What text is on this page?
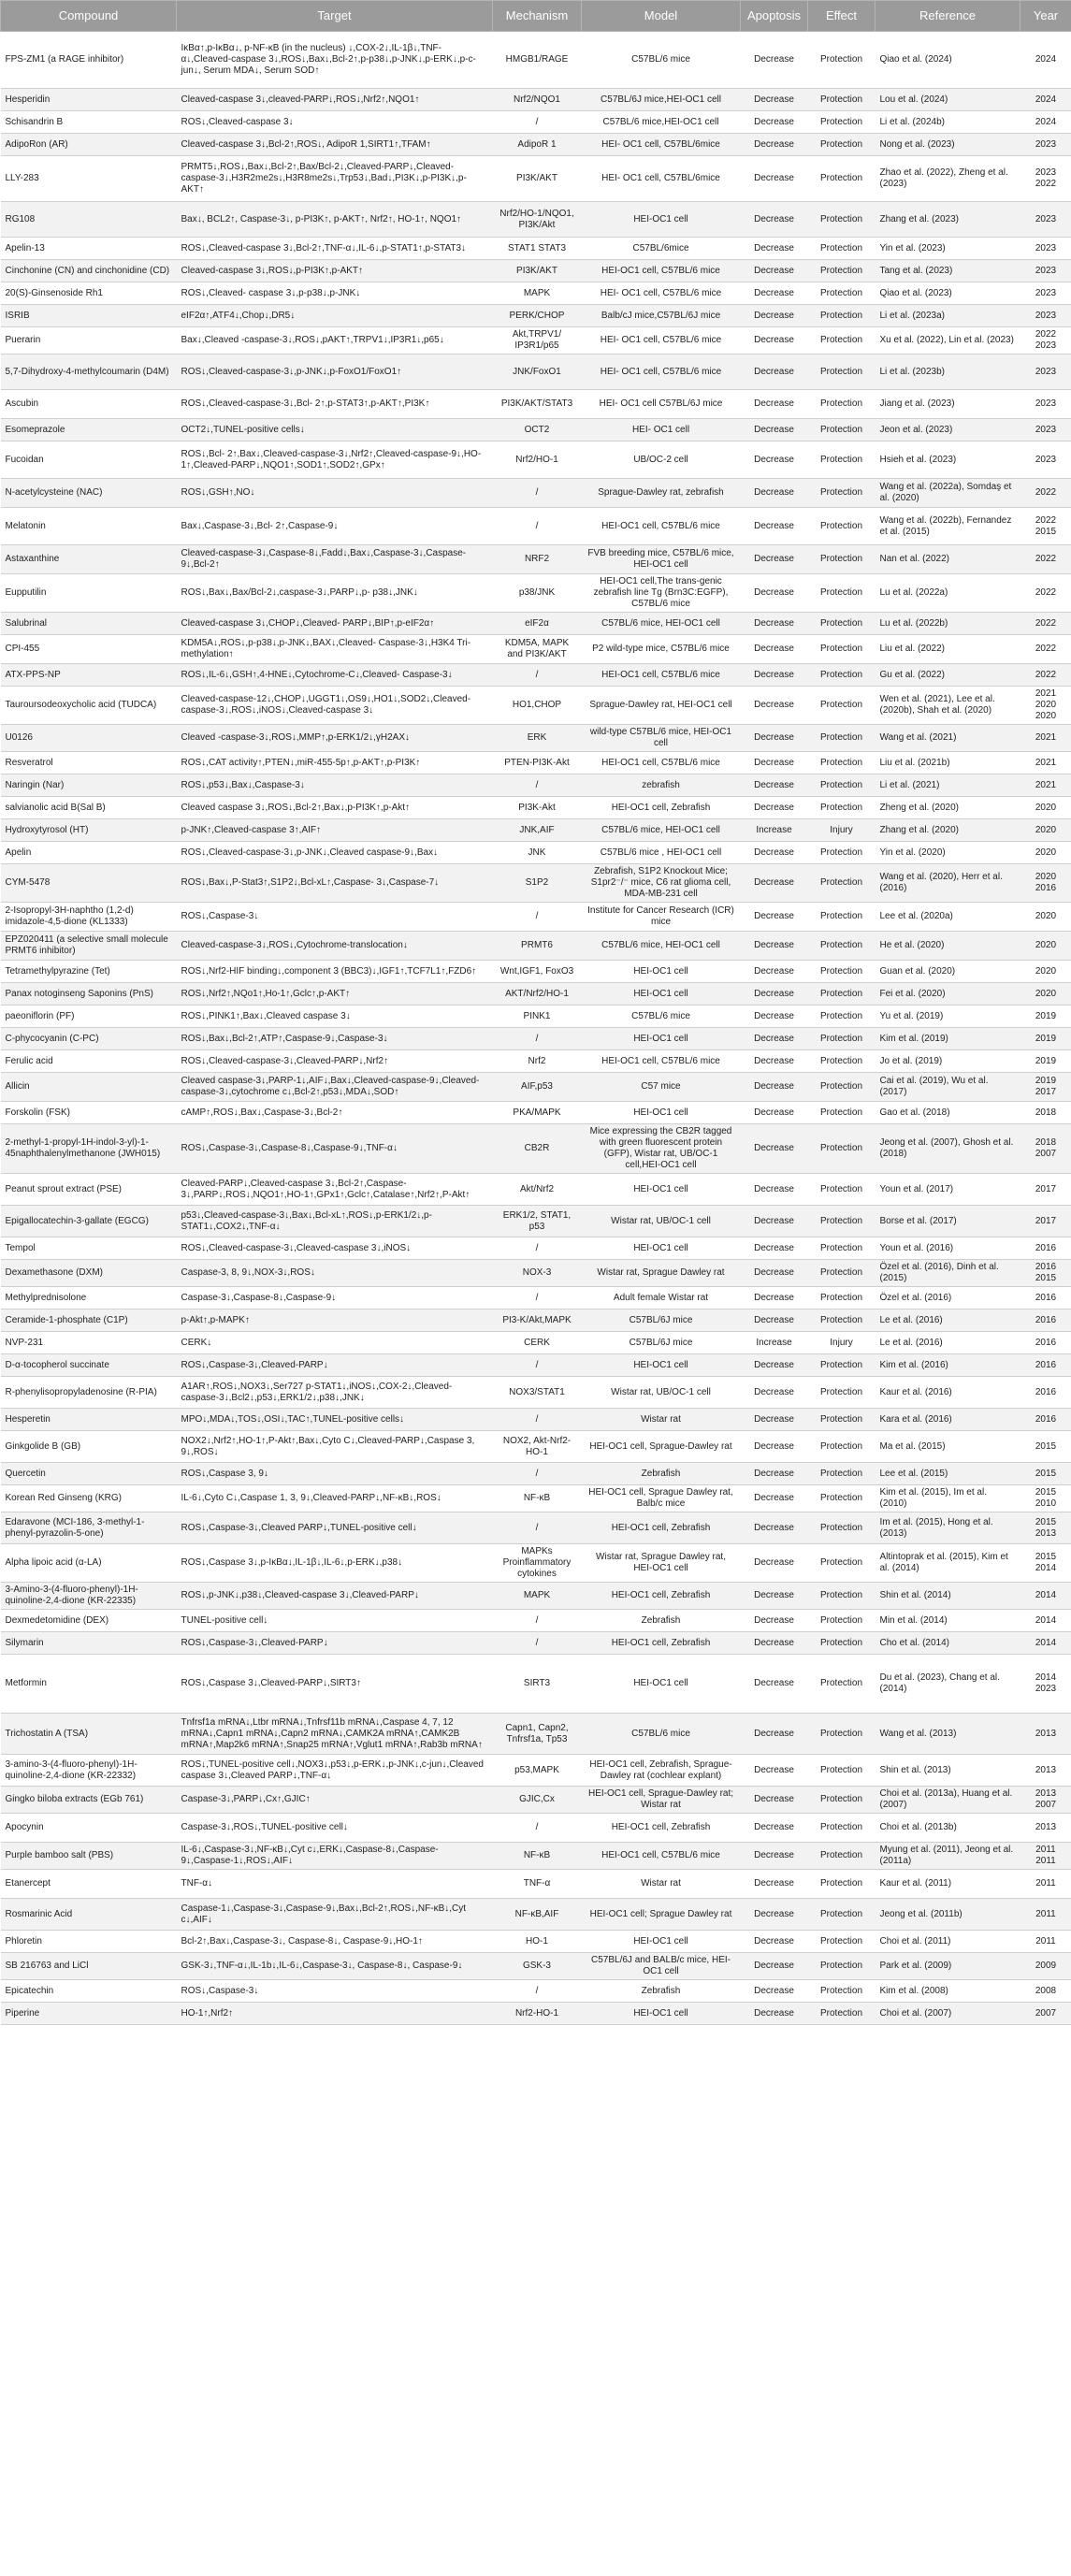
Compound	Target	Mechanism	Model	Apoptosis	Effect	Reference	Year
FPS-ZM1 (a RAGE inhibitor)	IκBα↑,p-IκBα↓, p-NF-κB (in the nucleus) ↓,COX-2↓,IL-1β↓,TNF-α↓,Cleaved-caspase 3↓,ROS↓,Bax↓,Bcl-2↑,p-p38↓,p-JNK↓,p-ERK↓,p-c-jun↓, Serum MDA↓, Serum SOD↑	HMGB1/RAGE	C57BL/6 mice	Decrease	Protection	Qiao et al. (2024)	2024
Hesperidin	Cleaved-caspase 3↓,cleaved-PARP↓,ROS↓,Nrf2↑,NQO1↑	Nrf2/NQO1	C57BL/6J mice,HEI-OC1 cell	Decrease	Protection	Lou et al. (2024)	2024
Schisandrin B	ROS↓,Cleaved-caspase 3↓	/	C57BL/6 mice,HEI-OC1 cell	Decrease	Protection	Li et al. (2024b)	2024
AdipoRon (AR)	Cleaved-caspase 3↓,Bcl-2↑,ROS↓, AdipoR 1,SIRT1↑,TFAM↑	AdipoR 1	HEI- OC1 cell, C57BL/6mice	Decrease	Protection	Nong et al. (2023)	2023
LLY-283	PRMT5↓,ROS↓,Bax↓,Bcl-2↑,Bax/Bcl-2↓,Cleaved-PARP↓,Cleaved-caspase-3↓,H3R2me2s↓,H3R8me2s↓,Trp53↓,Bad↓,PI3K↓,p-PI3K↓,p-AKT↑	PI3K/AKT	HEI- OC1 cell, C57BL/6mice	Decrease	Protection	Zhao et al. (2022), Zheng et al. (2023)	2023 2022
RG108	Bax↓, BCL2↑, Caspase-3↓, p-PI3K↑, p-AKT↑, Nrf2↑, HO-1↑, NQO1↑	Nrf2/HO-1/NQO1, PI3K/Akt	HEI-OC1 cell	Decrease	Protection	Zhang et al. (2023)	2023
Apelin-13	ROS↓,Cleaved-caspase 3↓,Bcl-2↑,TNF-α↓,IL-6↓,p-STAT1↑,p-STAT3↓	STAT1 STAT3	C57BL/6mice	Decrease	Protection	Yin et al. (2023)	2023
Cinchonine (CN) and cinchonidine (CD)	Cleaved-caspase 3↓,ROS↓,p-PI3K↑,p-AKT↑	PI3K/AKT	HEI-OC1 cell, C57BL/6 mice	Decrease	Protection	Tang et al. (2023)	2023
20(S)-Ginsenoside Rh1	ROS↓,Cleaved- caspase 3↓,p-p38↓,p-JNK↓	MAPK	HEI- OC1 cell, C57BL/6 mice	Decrease	Protection	Qiao et al. (2023)	2023
ISRIB	eIF2α↑,ATF4↓,Chop↓,DR5↓	PERK/CHOP	Balb/cJ mice,C57BL/6J mice	Decrease	Protection	Li et al. (2023a)	2023
Puerarin	Bax↓,Cleaved -caspase-3↓,ROS↓,pAKT↑,TRPV1↓,IP3R1↓,p65↓	Akt,TRPV1/ IP3R1/p65	HEI- OC1 cell, C57BL/6 mice	Decrease	Protection	Xu et al. (2022), Lin et al. (2023)	2022 2023
5,7-Dihydroxy-4-methylcoumarin (D4M)	ROS↓,Cleaved-caspase-3↓,p-JNK↓,p-FoxO1/FoxO1↑	JNK/FoxO1	HEI- OC1 cell, C57BL/6 mice	Decrease	Protection	Li et al. (2023b)	2023
Ascubin	ROS↓,Cleaved-caspase-3↓,Bcl- 2↑,p-STAT3↑,p-AKT↑,PI3K↑	PI3K/AKT/STAT3	HEI- OC1 cell C57BL/6J mice	Decrease	Protection	Jiang et al. (2023)	2023
Esomeprazole	OCT2↓,TUNEL-positive cells↓	OCT2	HEI- OC1 cell	Decrease	Protection	Jeon et al. (2023)	2023
Fucoidan	ROS↓,Bcl- 2↑,Bax↓,Cleaved-caspase-3↓,Nrf2↑,Cleaved-caspase-9↓,HO-1↑,Cleaved-PARP↓,NQO1↑,SOD1↑,SOD2↑,GPx↑	Nrf2/HO-1	UB/OC-2 cell	Decrease	Protection	Hsieh et al. (2023)	2023
N-acetylcysteine (NAC)	ROS↓,GSH↑,NO↓	/	Sprague-Dawley rat, zebrafish	Decrease	Protection	Wang et al. (2022a), Somdaş et al. (2020)	2022
Melatonin	Bax↓,Caspase-3↓,Bcl- 2↑,Caspase-9↓	/	HEI-OC1 cell, C57BL/6 mice	Decrease	Protection	Wang et al. (2022b), Fernandez et al. (2015)	2022 2015
Astaxanthine	Cleaved-caspase-3↓,Caspase-8↓,Fadd↓,Bax↓,Caspase-3↓,Caspase-9↓,Bcl-2↑	NRF2	FVB breeding mice, C57BL/6 mice, HEI-OC1 cell	Decrease	Protection	Nan et al. (2022)	2022
Eupputilin	ROS↓,Bax↓,Bax/Bcl-2↓,caspase-3↓,PARP↓,p- p38↓,JNK↓	p38/JNK	HEI-OC1 cell,The trans-genic zebrafish line Tg (Brn3C:EGFP), C57BL/6 mice	Decrease	Protection	Lu et al. (2022a)	2022
Salubrinal	Cleaved-caspase 3↓,CHOP↓,Cleaved- PARP↓,BIP↑,p-eIF2α↑	eIF2α	C57BL/6 mice, HEI-OC1 cell	Decrease	Protection	Lu et al. (2022b)	2022
CPI-455	KDM5A↓,ROS↓,p-p38↓,p-JNK↓,BAX↓,Cleaved- Caspase-3↓,H3K4 Tri-methylation↑	KDM5A, MAPK and PI3K/AKT	P2 wild-type mice, C57BL/6 mice	Decrease	Protection	Liu et al. (2022)	2022
ATX-PPS-NP	ROS↓,IL-6↓,GSH↑,4-HNE↓,Cytochrome-C↓,Cleaved- Caspase-3↓	/	HEI-OC1 cell, C57BL/6 mice	Decrease	Protection	Gu et al. (2022)	2022
Tauroursodeoxycholic acid (TUDCA)	Cleaved-caspase-12↓,CHOP↓,UGGT1↓,OS9↓,HO1↓,SOD2↓,Cleaved-caspase-3↓,ROS↓,iNOS↓,Cleaved-caspase 3↓	HO1,CHOP	Sprague-Dawley rat, HEI-OC1 cell	Decrease	Protection	Wen et al. (2021), Lee et al. (2020b), Shah et al. (2020)	2021 2020 2020
U0126	Cleaved -caspase-3↓,ROS↓,MMP↑,p-ERK1/2↓,γH2AX↓	ERK	wild-type C57BL/6 mice, HEI-OC1 cell	Decrease	Protection	Wang et al. (2021)	2021
Resveratrol	ROS↓,CAT activity↑,PTEN↓,miR-455-5p↑,p-AKT↑,p-PI3K↑	PTEN-PI3K-Akt	HEI-OC1 cell, C57BL/6 mice	Decrease	Protection	Liu et al. (2021b)	2021
Naringin (Nar)	ROS↓,p53↓,Bax↓,Caspase-3↓	/	zebrafish	Decrease	Protection	Li et al. (2021)	2021
salvianolic acid B(Sal B)	Cleaved caspase 3↓,ROS↓,Bcl-2↑,Bax↓,p-PI3K↑,p-Akt↑	PI3K-Akt	HEI-OC1 cell, Zebrafish	Decrease	Protection	Zheng et al. (2020)	2020
Hydroxytyrosol (HT)	p-JNK↑,Cleaved-caspase 3↑,AIF↑	JNK,AIF	C57BL/6 mice, HEI-OC1 cell	Increase	Injury	Zhang et al. (2020)	2020
Apelin	ROS↓,Cleaved-caspase-3↓,p-JNK↓,Cleaved caspase-9↓,Bax↓	JNK	C57BL/6 mice , HEI-OC1 cell	Decrease	Protection	Yin et al. (2020)	2020
CYM-5478	ROS↓,Bax↓,P-Stat3↑,S1P2↓,Bcl-xL↑,Caspase- 3↓,Caspase-7↓	S1P2	Zebrafish, S1P2 Knockout Mice; S1pr2⁻/⁻ mice, C6 rat glioma cell, MDA-MB-231 cell	Decrease	Protection	Wang et al. (2020), Herr et al. (2016)	2020 2016
2-Isopropyl-3H-naphtho (1,2-d) imidazole-4,5-dione (KL1333)	ROS↓,Caspase-3↓	/	Institute for Cancer Research (ICR) mice	Decrease	Protection	Lee et al. (2020a)	2020
EPZ020411 (a selective small molecule PRMT6 inhibitor)	Cleaved-caspase-3↓,ROS↓,Cytochrome-translocation↓	PRMT6	C57BL/6 mice, HEI-OC1 cell	Decrease	Protection	He et al. (2020)	2020
Tetramethylpyrazine (Tet)	ROS↓,Nrf2-HIF binding↓,component 3 (BBC3)↓,IGF1↑,TCF7L1↑,FZD6↑	Wnt,IGF1, FoxO3	HEI-OC1 cell	Decrease	Protection	Guan et al. (2020)	2020
Panax notoginseng Saponins (PnS)	ROS↓,Nrf2↑,NQo1↑,Ho-1↑,Gclc↑,p-AKT↑	AKT/Nrf2/HO-1	HEI-OC1 cell	Decrease	Protection	Fei et al. (2020)	2020
paeoniflorin (PF)	ROS↓,PINK1↑,Bax↓,Cleaved caspase 3↓	PINK1	C57BL/6 mice	Decrease	Protection	Yu et al. (2019)	2019
C-phycocyanin (C-PC)	ROS↓,Bax↓,Bcl-2↑,ATP↑,Caspase-9↓,Caspase-3↓	/	HEI-OC1 cell	Decrease	Protection	Kim et al. (2019)	2019
Ferulic acid	ROS↓,Cleaved-caspase-3↓,Cleaved-PARP↓,Nrf2↑	Nrf2	HEI-OC1 cell, C57BL/6 mice	Decrease	Protection	Jo et al. (2019)	2019
Allicin	Cleaved caspase-3↓,PARP-1↓,AIF↓,Bax↓,Cleaved-caspase-9↓,Cleaved-caspase-3↓,cytochrome c↓,Bcl-2↑,p53↓,MDA↓,SOD↑	AIF,p53	C57 mice	Decrease	Protection	Cai et al. (2019), Wu et al. (2017)	2019 2017
Forskolin (FSK)	cAMP↑,ROS↓,Bax↓,Caspase-3↓,Bcl-2↑	PKA/MAPK	HEI-OC1 cell	Decrease	Protection	Gao et al. (2018)	2018
2-methyl-1-propyl-1H-indol-3-yl)-1-45naphthalenylmethanone (JWH015)	ROS↓,Caspase-3↓,Caspase-8↓,Caspase-9↓,TNF-α↓	CB2R	Mice expressing the CB2R tagged with green fluorescent protein (GFP), Wistar rat, UB/OC-1 cell,HEI-OC1 cell	Decrease	Protection	Jeong et al. (2007), Ghosh et al. (2018)	2018 2007
Peanut sprout extract (PSE)	Cleaved-PARP↓,Cleaved-caspase 3↓,Bcl-2↑,Caspase-3↓,PARP↓,ROS↓,NQO1↑,HO-1↑,GPx1↑,Gclc↑,Catalase↑,Nrf2↑,P-Akt↑	Akt/Nrf2	HEI-OC1 cell	Decrease	Protection	Youn et al. (2017)	2017
Epigallocatechin-3-gallate (EGCG)	p53↓,Cleaved-caspase-3↓,Bax↓,Bcl-xL↑,ROS↓,p-ERK1/2↓,p-STAT1↓,COX2↓,TNF-α↓	ERK1/2, STAT1, p53	Wistar rat, UB/OC-1 cell	Decrease	Protection	Borse et al. (2017)	2017
Tempol	ROS↓,Cleaved-caspase-3↓,Cleaved-caspase 3↓,iNOS↓	/	HEI-OC1 cell	Decrease	Protection	Youn et al. (2016)	2016
Dexamethasone (DXM)	Caspase-3, 8, 9↓,NOX-3↓,ROS↓	NOX-3	Wistar rat, Sprague Dawley rat	Decrease	Protection	Özel et al. (2016), Dinh et al. (2015)	2016 2015
Methylprednisolone	Caspase-3↓,Caspase-8↓,Caspase-9↓	/	Adult female Wistar rat	Decrease	Protection	Özel et al. (2016)	2016
Ceramide-1-phosphate (C1P)	p-Akt↑,p-MAPK↑	PI3-K/Akt,MAPK	C57BL/6J mice	Decrease	Protection	Le et al. (2016)	2016
NVP-231	CERK↓	CERK	C57BL/6J mice	Increase	Injury	Le et al. (2016)	2016
D-α-tocopherol succinate	ROS↓,Caspase-3↓,Cleaved-PARP↓	/	HEI-OC1 cell	Decrease	Protection	Kim et al. (2016)	2016
R-phenylisopropyladenosine (R-PIA)	A1AR↑,ROS↓,NOX3↓,Ser727 p-STAT1↓,iNOS↓,COX-2↓,Cleaved-caspase-3↓,Bcl2↓,p53↓,ERK1/2↓,p38↓,JNK↓	NOX3/STAT1	Wistar rat, UB/OC-1 cell	Decrease	Protection	Kaur et al. (2016)	2016
Hesperetin	MPO↓,MDA↓,TOS↓,OSI↓,TAC↑,TUNEL-positive cells↓	/	Wistar rat	Decrease	Protection	Kara et al. (2016)	2016
Ginkgolide B (GB)	NOX2↓,Nrf2↑,HO-1↑,P-Akt↑,Bax↓,Cyto C↓,Cleaved-PARP↓,Caspase 3, 9↓,ROS↓	NOX2, Akt-Nrf2-HO-1	HEI-OC1 cell, Sprague-Dawley rat	Decrease	Protection	Ma et al. (2015)	2015
Quercetin	ROS↓,Caspase 3, 9↓	/	Zebrafish	Decrease	Protection	Lee et al. (2015)	2015
Korean Red Ginseng (KRG)	IL-6↓,Cyto C↓,Caspase 1, 3, 9↓,Cleaved-PARP↓,NF-κB↓,ROS↓	NF-κB	HEI-OC1 cell, Sprague Dawley rat, Balb/c mice	Decrease	Protection	Kim et al. (2015), Im et al. (2010)	2015 2010
Edaravone (MCI-186, 3-methyl-1-phenyl-pyrazolin-5-one)	ROS↓,Caspase-3↓,Cleaved PARP↓,TUNEL-positive cell↓	/	HEI-OC1 cell, Zebrafish	Decrease	Protection	Im et al. (2015), Hong et al. (2013)	2015 2013
Alpha lipoic acid (α-LA)	ROS↓,Caspase 3↓,p-IκBα↓,IL-1β↓,IL-6↓,p-ERK↓,p38↓	MAPKs Proinflammatory cytokines	Wistar rat, Sprague Dawley rat, HEI-OC1 cell	Decrease	Protection	Altintoprak et al. (2015), Kim et al. (2014)	2015 2014
3-Amino-3-(4-fluoro-phenyl)-1H-quinoline-2,4-dione (KR-22335)	ROS↓,p-JNK↓,p38↓,Cleaved-caspase 3↓,Cleaved-PARP↓	MAPK	HEI-OC1 cell, Zebrafish	Decrease	Protection	Shin et al. (2014)	2014
Dexmedetomidine (DEX)	TUNEL-positive cell↓	/	Zebrafish	Decrease	Protection	Min et al. (2014)	2014
Silymarin	ROS↓,Caspase-3↓,Cleaved-PARP↓	/	HEI-OC1 cell, Zebrafish	Decrease	Protection	Cho et al. (2014)	2014
Metformin	ROS↓,Caspase 3↓,Cleaved-PARP↓,SIRT3↑	SIRT3	HEI-OC1 cell	Decrease	Protection	Du et al. (2023), Chang et al. (2014)	2014 2023
Trichostatin A (TSA)	Tnfrsf1a mRNA↓,Ltbr mRNA↓,Tnfrsf11b mRNA↓,Caspase 4, 7, 12 mRNA↓,Capn1 mRNA↓,Capn2 mRNA↓,CAMK2A mRNA↑,CAMK2B mRNA↑,Map2k6 mRNA↑,Snap25 mRNA↑,Vglut1 mRNA↑,Rab3b mRNA↑	Capn1, Capn2, Tnfrsf1a, Tp53	C57BL/6 mice	Decrease	Protection	Wang et al. (2013)	2013
3-amino-3-(4-fluoro-phenyl)-1H-quinoline-2,4-dione (KR-22332)	ROS↓,TUNEL-positive cell↓,NOX3↓,p53↓,p-ERK↓,p-JNK↓,c-jun↓,Cleaved caspase 3↓,Cleaved PARP↓,TNF-α↓	p53,MAPK	HEI-OC1 cell, Zebrafish, Sprague-Dawley rat (cochlear explant)	Decrease	Protection	Shin et al. (2013)	2013
Gingko biloba extracts (EGb 761)	Caspase-3↓,PARP↓,Cx↑,GJIC↑	GJIC,Cx	HEI-OC1 cell, Sprague-Dawley rat; Wistar rat	Decrease	Protection	Choi et al. (2013a), Huang et al. (2007)	2013 2007
Apocynin	Caspase-3↓,ROS↓,TUNEL-positive cell↓	/	HEI-OC1 cell, Zebrafish	Decrease	Protection	Choi et al. (2013b)	2013
Purple bamboo salt (PBS)	IL-6↓,Caspase-3↓,NF-κB↓,Cyt c↓,ERK↓,Caspase-8↓,Caspase-9↓,Caspase-1↓,ROS↓,AIF↓	NF-κB	HEI-OC1 cell, C57BL/6 mice	Decrease	Protection	Myung et al. (2011), Jeong et al. (2011a)	2011 2011
Etanercept	TNF-α↓	TNF-α	Wistar rat	Decrease	Protection	Kaur et al. (2011)	2011
Rosmarinic Acid	Caspase-1↓,Caspase-3↓,Caspase-9↓,Bax↓,Bcl-2↑,ROS↓,NF-κB↓,Cyt c↓,AIF↓	NF-κB,AIF	HEI-OC1 cell; Sprague Dawley rat	Decrease	Protection	Jeong et al. (2011b)	2011
Phloretin	Bcl-2↑,Bax↓,Caspase-3↓, Caspase-8↓, Caspase-9↓,HO-1↑	HO-1	HEI-OC1 cell	Decrease	Protection	Choi et al. (2011)	2011
SB 216763 and LiCl	GSK-3↓,TNF-α↓,IL-1b↓,IL-6↓,Caspase-3↓, Caspase-8↓, Caspase-9↓	GSK-3	C57BL/6J and BALB/c mice, HEI-OC1 cell	Decrease	Protection	Park et al. (2009)	2009
Epicatechin	ROS↓,Caspase-3↓	/	Zebrafish	Decrease	Protection	Kim et al. (2008)	2008
Piperine	HO-1↑,Nrf2↑	Nrf2-HO-1	HEI-OC1 cell	Decrease	Protection	Choi et al. (2007)	2007
